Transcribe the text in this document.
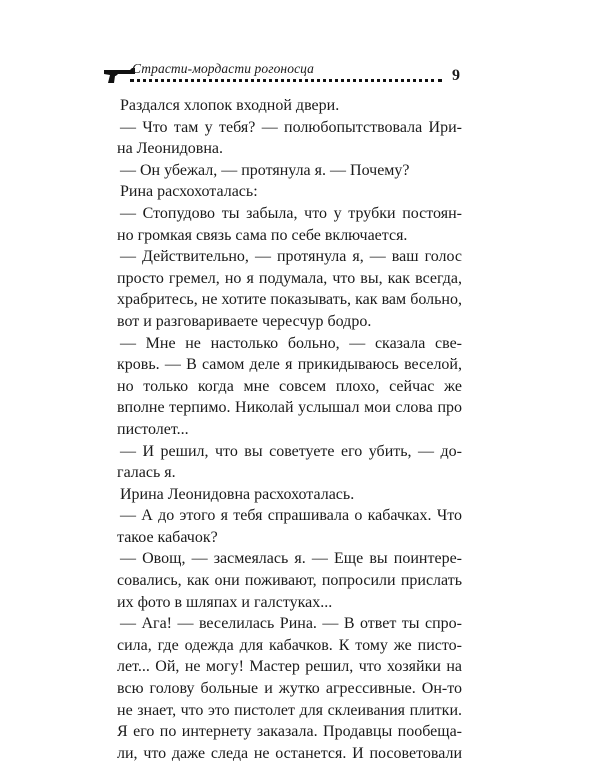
Страсти-мордасти рогоносца	9
Раздался хлопок входной двери.
— Что там у тебя? — полюбопытствовала Ири-
на Леонидовна.
— Он убежал, — протянула я. — Почему?
Рина расхохоталась:
— Стопудово ты забыла, что у трубки постоян-
но громкая связь сама по себе включается.
— Действительно, — протянула я, — ваш голос
просто гремел, но я подумала, что вы, как всегда,
храбритесь, не хотите показывать, как вам больно,
вот и разговариваете чересчур бодро.
— Мне не настолько больно, — сказала све-
кровь. — В самом деле я прикидываюсь веселой,
но только когда мне совсем плохо, сейчас же
вполне терпимо. Николай услышал мои слова про
пистолет...
— И решил, что вы советуете его убить, — до-
галась я.
Ирина Леонидовна расхохоталась.
— А до этого я тебя спрашивала о кабачках. Что
такое кабачок?
— Овощ, — засмеялась я. — Еще вы поинтере-
совались, как они поживают, попросили прислать
их фото в шляпах и галстуках...
— Ага! — веселилась Рина. — В ответ ты спро-
сила, где одежда для кабачков. К тому же писто-
лет... Ой, не могу! Мастер решил, что хозяйки на
всю голову больные и жутко агрессивные. Он-то
не знает, что это пистолет для склеивания плитки.
Я его по интернету заказала. Продавцы пообеща-
ли, что даже следа не останется. И посоветовали
